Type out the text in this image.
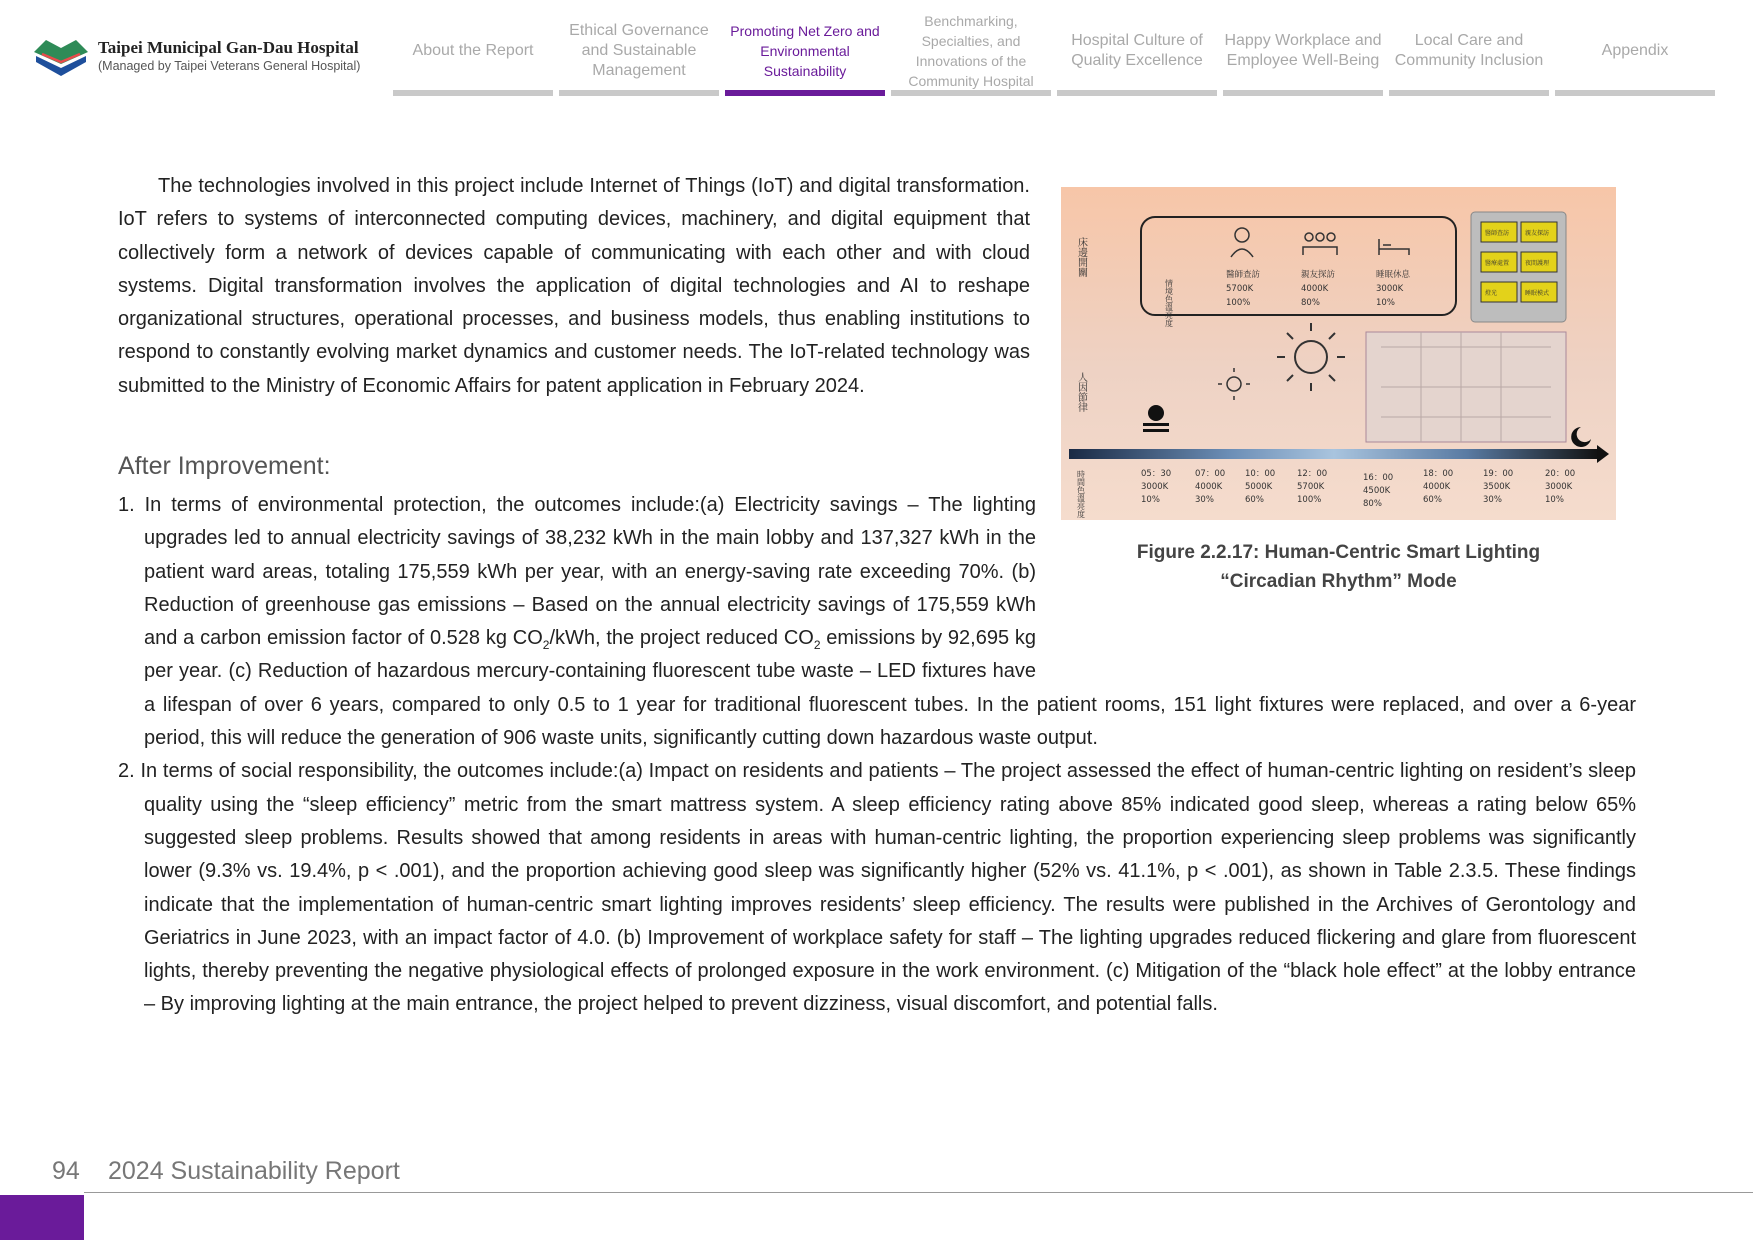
Taipei Municipal Gan-Dau Hospital
(Managed by Taipei Veterans General Hospital)
About the Report
Ethical Governance and Sustainable Management
Promoting Net Zero and Environmental Sustainability
Benchmarking, Specialties, and Innovations of the Community Hospital
Hospital Culture of Quality Excellence
Happy Workplace and Employee Well-Being
Local Care and Community Inclusion
Appendix

The technologies involved in this project include Internet of Things (IoT) and digital transformation. IoT refers to systems of interconnected computing devices, machinery, and digital equipment that collectively form a network of devices capable of communicating with each other and with cloud systems. Digital transformation involves the application of digital technologies and AI to reshape organizational structures, operational processes, and business models, thus enabling institutions to respond to constantly evolving market dynamics and customer needs. The IoT-related technology was submitted to the Ministry of Economic Affairs for patent application in February 2024.

After Improvement:
1. In terms of environmental protection, the outcomes include:(a) Electricity savings – The lighting upgrades led to annual electricity savings of 38,232 kWh in the main lobby and 137,327 kWh in the patient ward areas, totaling 175,559 kWh per year, with an energy-saving rate exceeding 70%. (b) Reduction of greenhouse gas emissions – Based on the annual electricity savings of 175,559 kWh and a carbon emission factor of 0.528 kg $CO_2$/kWh, the project reduced $CO_2$ emissions by 92,695 kg per year. (c) Reduction of hazardous mercury-containing fluorescent tube waste – LED fixtures have a lifespan of over 6 years, compared to only 0.5 to 1 year for traditional fluorescent tubes. In the patient rooms, 151 light fixtures were replaced, and over a 6-year period, this will reduce the generation of 906 waste units, significantly cutting down hazardous waste output.
2. In terms of social responsibility, the outcomes include:(a) Impact on residents and patients – The project assessed the effect of human-centric lighting on resident’s sleep quality using the “sleep efficiency” metric from the smart mattress system. A sleep efficiency rating above 85% indicated good sleep, whereas a rating below 65% suggested sleep problems. Results showed that among residents in areas with human-centric lighting, the proportion experiencing sleep problems was significantly lower (9.3% vs. 19.4%, p < .001), and the proportion achieving good sleep was significantly higher (52% vs. 41.1%, p < .001), as shown in Table 2.3.5. These findings indicate that the implementation of human-centric smart lighting improves residents’ sleep efficiency. The results were published in the Archives of Gerontology and Geriatrics in June 2023, with an impact factor of 4.0. (b) Improvement of workplace safety for staff – The lighting upgrades reduced flickering and glare from fluorescent lights, thereby preventing the negative physiological effects of prolonged exposure in the work environment. (c) Mitigation of the “black hole effect” at the lobby entrance – By improving lighting at the main entrance, the project helped to prevent dizziness, visual discomfort, and potential falls.
床邊開關
人因節律
時間色溫亮度
情境色溫亮度
醫師查訪
5700K
100%
親友探訪
4000K
80%
睡眠休息
3000K
10%
醫師查訪	親友探訪
醫療處置	夜間護理
燈光	睡眠模式
05：30
3000K
10%
07：00
4000K
30%
10：00
5000K
60%
12：00
5700K
100%
16：00
4500K
80%
18：00
4000K
60%
19：00
3500K
30%
20：00
3000K
10%
Figure 2.2.17: Human-Centric Smart Lighting
“Circadian Rhythm” Mode
94 2024 Sustainability Report
